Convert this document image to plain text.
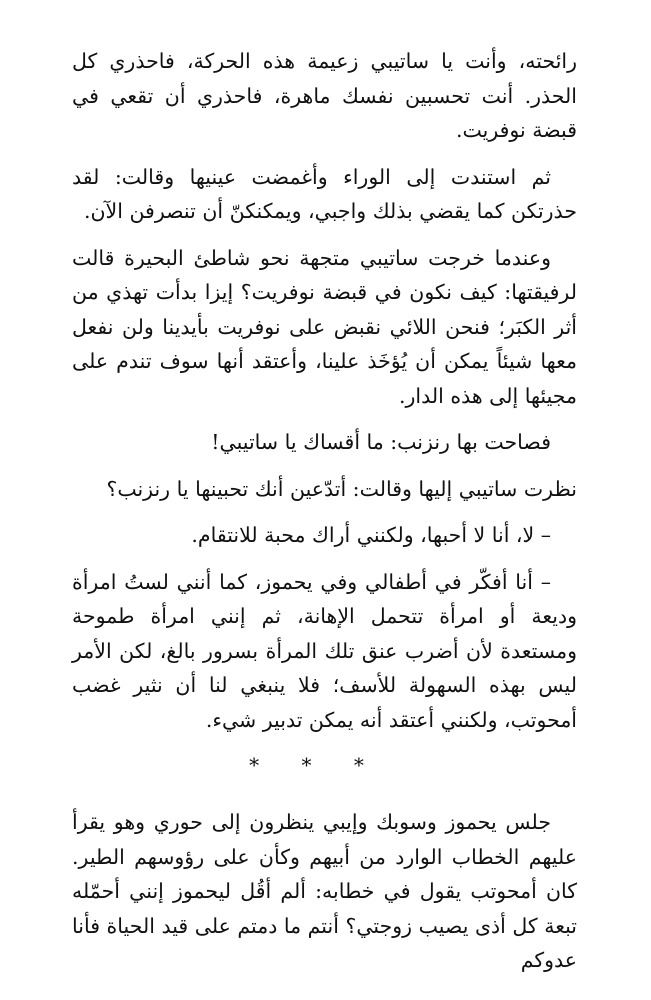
رائحته، وأنت يا ساتيبي زعيمة هذه الحركة، فاحذري كل الحذر. أنت تحسبين نفسك ماهرة، فاحذري أن تقعي في قبضة نوفريت.

ثم استندت إلى الوراء وأغمضت عينيها وقالت: لقد حذرتكن كما يقضي بذلك واجبي، ويمكنكنّ أن تنصرفن الآن.

وعندما خرجت ساتيبي متجهة نحو شاطئ البحيرة قالت لرفيقتها: كيف نكون في قبضة نوفريت؟ إيزا بدأت تهذي من أثر الكبَر؛ فنحن اللائي نقبض على نوفريت بأيدينا ولن نفعل معها شيئاً يمكن أن يُؤخَذ علينا، وأعتقد أنها سوف تندم على مجيئها إلى هذه الدار.

فصاحت بها رنزنب: ما أقساك يا ساتيبي!

نظرت ساتيبي إليها وقالت: أتدّعين أنك تحبينها يا رنزنب؟

– لا، أنا لا أحبها، ولكنني أراك محبة للانتقام.

– أنا أفكّر في أطفالي وفي يحموز، كما أنني لستُ امرأة وديعة أو امرأة تتحمل الإهانة، ثم إنني امرأة طموحة ومستعدة لأن أضرب عنق تلك المرأة بسرور بالغ، لكن الأمر ليس بهذه السهولة للأسف؛ فلا ينبغي لنا أن نثير غضب أمحوتب، ولكنني أعتقد أنه يمكن تدبير شيء.

* * *

جلس يحموز وسوبك وإيبي ينظرون إلى حوري وهو يقرأ عليهم الخطاب الوارد من أبيهم وكأن على رؤوسهم الطير. كان أمحوتب يقول في خطابه: ألم أقُل ليحموز إنني أحمّله تبعة كل أذى يصيب زوجتي؟ أنتم ما دمتم على قيد الحياة فأنا عدوكم
